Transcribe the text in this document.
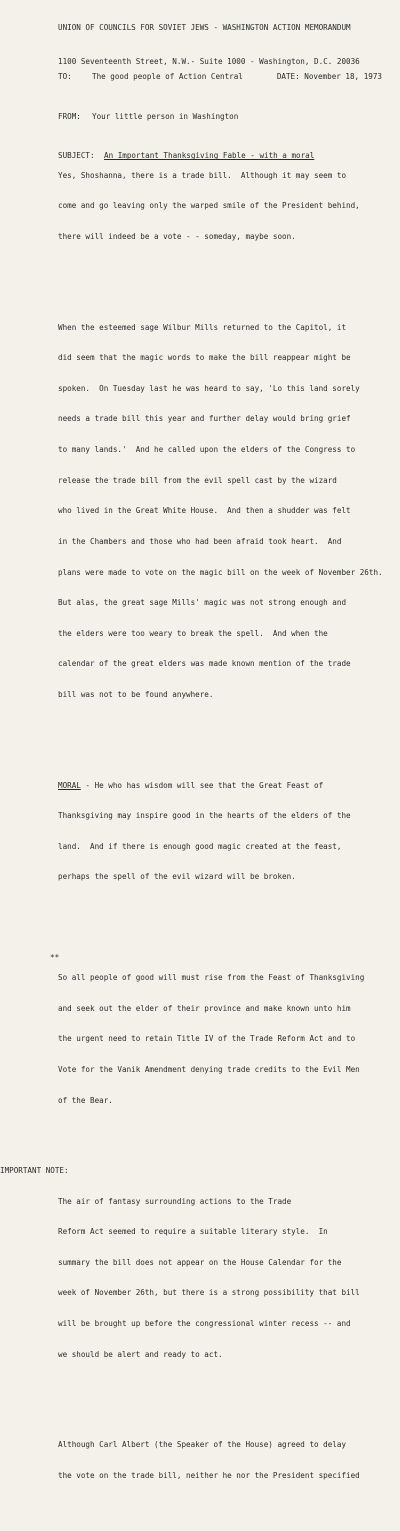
UNION OF COUNCILS FOR SOVIET JEWS - WASHINGTON ACTION MEMORANDUM

1100 Seventeenth Street, N.W.- Suite 1000 - Washington, D.C. 20036

TO:

	The good people of Action Central

	DATE: November 18, 1973

FROM:

Your little person in Washington

SUBJECT:

An Important Thanksgiving Fable - with a moral

Yes, Shoshanna, there is a trade bill.  Although it may seem to

come and go leaving only the warped smile of the President behind,

there will indeed be a vote - - someday, maybe soon.

When the esteemed sage Wilbur Mills returned to the Capitol, it

did seem that the magic words to make the bill reappear might be

spoken.  On Tuesday last he was heard to say, 'Lo this land sorely

needs a trade bill this year and further delay would bring grief

to many lands.'  And he called upon the elders of the Congress to

release the trade bill from the evil spell cast by the wizard

who lived in the Great White House.  And then a shudder was felt

in the Chambers and those who had been afraid took heart.  And

plans were made to vote on the magic bill on the week of November 26th.

But alas, the great sage Mills' magic was not strong enough and

the elders were too weary to break the spell.  And when the

calendar of the great elders was made known mention of the trade

bill was not to be found anywhere.

MORAL - He who has wisdom will see that the Great Feast of

Thanksgiving may inspire good in the hearts of the elders of the

land.  And if there is enough good magic created at the feast,

perhaps the spell of the evil wizard will be broken.

**

So all people of good will must rise from the Feast of Thanksgiving

and seek out the elder of their province and make known unto him

the urgent need to retain Title IV of the Trade Reform Act and to

Vote for the Vanik Amendment denying trade credits to the Evil Men

of the Bear.

IMPORTANT NOTE:

The air of fantasy surrounding actions to the Trade

Reform Act seemed to require a suitable literary style.  In

summary the bill does not appear on the House Calendar for the

week of November 26th, but there is a strong possibility that bill

will be brought up before the congressional winter recess -- and

we should be alert and ready to act.

Although Carl Albert (the Speaker of the House) agreed to delay

the vote on the trade bill, neither he nor the President specified
